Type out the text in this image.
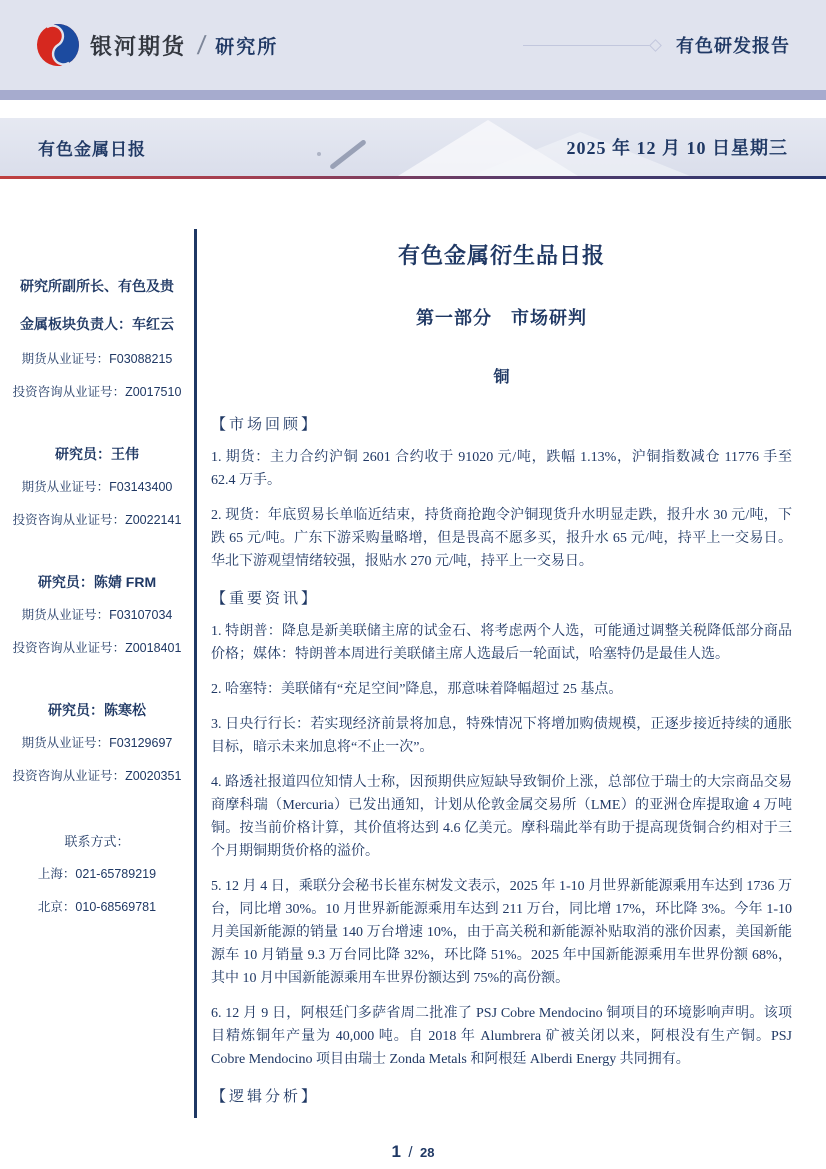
银河期货 / 研究所	有色研发报告
有色金属日报	2025 年 12 月 10 日星期三
研究所副所长、有色及贵
金属板块负责人：车红云
期货从业证号：F03088215
投资咨询从业证号：Z0017510
研究员：王伟
期货从业证号：F03143400
投资咨询从业证号：Z0022141
研究员：陈婧 FRM
期货从业证号：F03107034
投资咨询从业证号：Z0018401
研究员：陈寒松
期货从业证号：F03129697
投资咨询从业证号：Z0020351
联系方式：
上海：021-65789219
北京：010-68569781
有色金属衍生品日报
第一部分　市场研判
铜
【市场回顾】

1. 期货：主力合约沪铜 2601 合约收于 91020 元/吨，跌幅 1.13%，沪铜指数减仓 11776 手至 62.4 万手。

2. 现货：年底贸易长单临近结束，持货商抢跑令沪铜现货升水明显走跌，报升水 30 元/吨，下跌 65 元/吨。广东下游采购量略增，但是畏高不愿多买，报升水 65 元/吨，持平上一交易日。华北下游观望情绪较强，报贴水 270 元/吨，持平上一交易日。

【重要资讯】

1. 特朗普：降息是新美联储主席的试金石、将考虑两个人选，可能通过调整关税降低部分商品价格；媒体：特朗普本周进行美联储主席人选最后一轮面试，哈塞特仍是最佳人选。

2. 哈塞特：美联储有“充足空间”降息，那意味着降幅超过 25 基点。

3. 日央行行长：若实现经济前景将加息，特殊情况下将增加购债规模，正逐步接近持续的通胀目标，暗示未来加息将“不止一次”。

4. 路透社报道四位知情人士称，因预期供应短缺导致铜价上涨，总部位于瑞士的大宗商品交易商摩科瑞（Mercuria）已发出通知，计划从伦敦金属交易所（LME）的亚洲仓库提取逾 4 万吨铜。按当前价格计算，其价值将达到 4.6 亿美元。摩科瑞此举有助于提高现货铜合约相对于三个月期铜期货价格的溢价。

5. 12 月 4 日，乘联分会秘书长崔东树发文表示，2025 年 1-10 月世界新能源乘用车达到 1736 万台，同比增 30%。10 月世界新能源乘用车达到 211 万台，同比增 17%，环比降 3%。今年 1-10 月美国新能源的销量 140 万台增速 10%，由于高关税和新能源补贴取消的涨价因素，美国新能源车 10 月销量 9.3 万台同比降 32%，环比降 51%。2025 年中国新能源乘用车世界份额 68%，其中 10 月中国新能源乘用车世界份额达到 75%的高份额。

6. 12 月 9 日，阿根廷门多萨省周二批准了 PSJ Cobre Mendocino 铜项目的环境影响声明。该项目精炼铜年产量为 40,000 吨。自 2018 年 Alumbrera 矿被关闭以来，阿根没有生产铜。PSJ Cobre Mendocino 项目由瑞士 Zonda Metals 和阿根廷 Alberdi Energy 共同拥有。

【逻辑分析】
1 / 28
